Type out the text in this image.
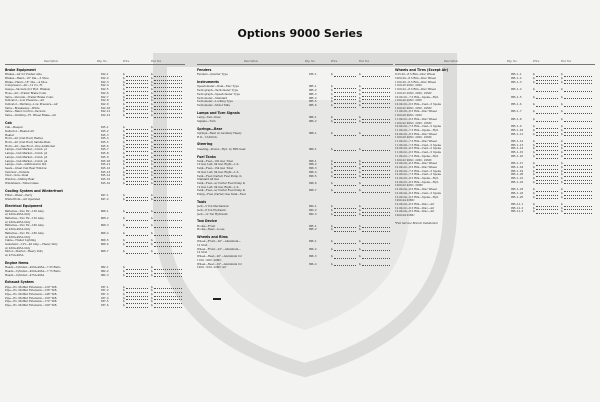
Options 9000 Series
Description	Pkg. No.	Price	Fed. Tax
Brake Equipment
Brakes—Air for Pusher Axle	812-1	$	$
Brakes—Hand—16" Dia.—3 Shoe	812-2	$	$
Brake—Hand—16" Dia.—4 Shoe	812-3	$	$
Compressor—Air—12 Cu. Ft.	812-4	$	$
Gauge—Vacuum (for Hyd. Brakes)	812-5	$	$
Hose—Air—Trailer Brake Conn.	812-6	$	$
Valve—Vacuum—Trailer Brake Conn.	812-7	$	$
Indicator—Low Pressure—Air	812-8	$	$
Indicator—Warning—Low Pressure—Air	812-9	$	$
Valve—Breakaway—White	812-10	$	$
Valve—Hand Control—Vacuum	812-11	$	$
Valve—Limiting—Ft. Wheel Brake—Air	812-12	$	$
Cab
Cab—Sleeper	815-1	$	$
Deflector—Heated Air	815-2	$	$
Heater	815-3	$	$
Horn—Air (Cab Roof) Radley	815-4	$	$
Horn—Air (Cab Roof) Sandle-West.	815-5	$	$
Horn—Air—Sea Roof—One Additional	815-6	$	$
Lamps—Cab Marker—Comb. p1	815-7	$	$
Lamps—Cab Marker—Comb. p2	815-8	$	$
Lamps—Cab Marker—Comb. p3	815-9	$	$
Lamps—Cab Marker—Comb. p4	815-10	$	$
Lamps—Cab—Additional in Std.	815-11	$	$
Seats—Great Cab Rear Window	815-12	$	$
Sunvisor—Outside	815-13	$	$
Visor—Sun—Dual	815-14	$	$
Window—Sliding Rear	815-15	$	$
Windshield—Tinted Glass	815-16	$	$
Cooling System and Winterfront
Filter—Water—Perry	847-1	$	$
Winterfront—Air Operated	847-2	$	$
Electrical Equipment
Batteries—Two 6V—130 Amp.	860-1	$	$
w/ 450A-495A Only
Batteries—Two 6V—150 Amp.	860-2	$	$
w/ 450A-495A Only
Batteries—Two 6V—160 Amp.	860-3	$	$
w/ 450A-495A Only
Batteries—Two 6V—180 Amp.	860-4	$	$
w/ 450A-495A Only
Cable—Trailer Lighting	860-5	$	$
Generator—12V—40 Amp.—Heavy Duty	860-6	$	$
w/ 450A-495A Only
Motor—Starter—Heavy Duty	860-7	$	$
w/ 475A-495A
Engine Items
Heads—Cylinder—450A-495A—7.35 Ratio	902-1	$	$
Heads—Cylinder—450A-495A—7.75 Ratio	902-2	$	$
Heads—Cylinder—475A-495A	902-3	$	$
Exhaust System
Pipe—Ex. Muffler Extension—120" W.B.	937-1	$	$
Pipe—Ex. Muffler Extension—136" W.B.	937-2	$	$
Pipe—Ex. Muffler Extension—148" W.B.	937-3	$	$
Pipe—Ex. Muffler Extension—160" W.B.	937-4	$	$
Pipe—Ex. Muffler Extension—172" W.B.	937-5	$	$
Pipe—Ex. Muffler Extension—190" W.B.	937-6	$	$
Description	Pkg. No.	Price	Fed. Tax
Fenders
Fenders—Quarter Type	936-1	$	$
Instruments
Speedometer—Dual—Elec Type	985-1	$	$
Tachograph—Tachometer Type	985-2	$	$
Tachograph—Speedometer Type	985-3	$	$
Tachometer—Standard	985-4	$	$
Tachometer—Locking Type	985-5	$	$
Tachometer—Motor Mile	985-6	$	$
Lamps and Turn Signals
Lamp—Tail—Dual	986-1	$	$
Signals—Turn	986-2	$	$
Springs—Rear
Springs—Rear w/ Auxiliary Heavy	988-1	$	$
H.D., 13,000 lb.
Steering
Steering—Power—Hyd. w/ HPS Gear	989-1	$	$
Fuel Tanks
Tank—Fuel—102 Gal. Total	990-1	$	$
19 Gal. Left, 84 Gal. Right—L.S.	990-2	$	$
Tank—Fuel—154 Gal. Total	990-3	$	$
39 Gal. Left, 84 Gal. Right—L.S.	990-4	$	$
Tank—Fuel (Carter) Fuel Pump in	990-5	$	$
Standard 40 Gal.
Tank—Fuel—w/ Carter Fuel Pump in	990-6	$	$
19 Gal. Left, 84 Gal. Right—L.S.
Tank—Fuel—w/ Carter Fuel Pump in	990-7	$	$
Pump—Fuel (Carter) See Tank—Fuel
Tools
Jack—5 Ton Mechanical	994-1	$	$
Jack—8 Ton Hydraulic	994-2	$	$
Jack—12 Ton Hydraulic	994-3	$	$
Tow Device
Hooks—Front	995-1	$	$
Hooks—Rear—Loose	995-2	$	$
Wheels and Rims
Wheel—Front—20"—Aluminum—	996-1	$	$
10 Stud
Wheel—Front—22"—Aluminum—	996-2	$	$
10 Stud
Wheel—Rear—20"—Aluminum for	996-3	$	$
1100, 1200, 20MC
Wheel—Rear—22"—Aluminum for	996-4	$	$
1000, 1100, 22MC Air
Description	Pkg. No.	Price	Fed. Tax
Wheels and Tires (Except Air)
8.25-20—8.5 Rim—Disc Wheel	995-1-1	$	$
1000-20—8.5 Rim—Disc Wheel	995-1-2	$	$
1100-20—8.5 Rim—Disc Wheel	995-1-3	$	$
1100-20 20SC, 22SC
1100-22—8.5 Rim—Disc Wheel	995-1-4	$	$
1100-22 20SC, 22SC, 22MC
10.00-20—7.5 Rim—Spoke—Hyd.	995-1-5	$	$
1100-20 20SC, 22SC
10.00-20—8.5 Rim—Cast—5 Spoke	995-1-6	$	$
1100-22 20SC, 22SC, 22MC
11.00-20—8.5 Rim—Disc Wheel	995-1-7	$	$
1100-20 20SC, 22SC
11.00-22—8.5 Rim—Disc Wheel	995-1-8	$	$
1100-22 20SC, 22SC, 22MC
10.00-20—7.5 Rim—Cast—5 Spoke	995-1-9	$	$
11.00-20—7.5 Rim—Spoke—Hyd.	995-1-10	$	$
10.00-20—8.5 Rim—Disc Wheel	995-1-11	$	$
1100-20 20SC, 22SC, 22MC
11.00-22—7.5 Rim—Disc Wheel	995-1-12	$	$
11.00-20—7.5 Rim—Cast—5 Spoke	995-1-13	$	$
10.00-20—8.5 Rim—Cast—5 Spoke	995-1-14	$	$
11.00-22—8.5 Rim—Cast—5 Spoke	995-1-15	$	$
11.00-22—7.5 Rim—Spoke—Hyd.	995-1-16	$	$
1100-22 20SC, 22SC, 22MC
12.00-20—8.5 Rim—Disc Wheel	995-1-17	$	$
12.00-22—8.5 Rim—Disc Wheel	995-1-18	$	$
12.00-20—7.5 Rim—Cast—5 Spoke	995-1-19	$	$
12.00-22—7.5 Rim—Cast—5 Spoke	995-1-20	$	$
12.00-20—8.5 Rim—Spoke—Hyd.	995-1-21	$	$
12.00-22—8.5 Rim—Spoke—Hyd.	995-1-22	$	$
1200-22 22SC, 22MC
12.00-24—8.5 Rim—Disc Wheel	995-1-23	$	$
12.00-24—8.5 Rim—Cast—5 Spoke	995-1-24	$	$
12.00-24—8.5 Rim—Spoke—Hyd.	995-1-25	$	$
1200-24 22MC
12.00-20—8.5 Rim—Disc—Air	995-11-1	$	$
12.00-22—8.5 Rim—Disc—Air	995-11-2	$	$
12.00-24—8.5 Rim—Disc—Air	995-11-3	$	$
1200-24 22MC
*Fan Service Branch Installation
